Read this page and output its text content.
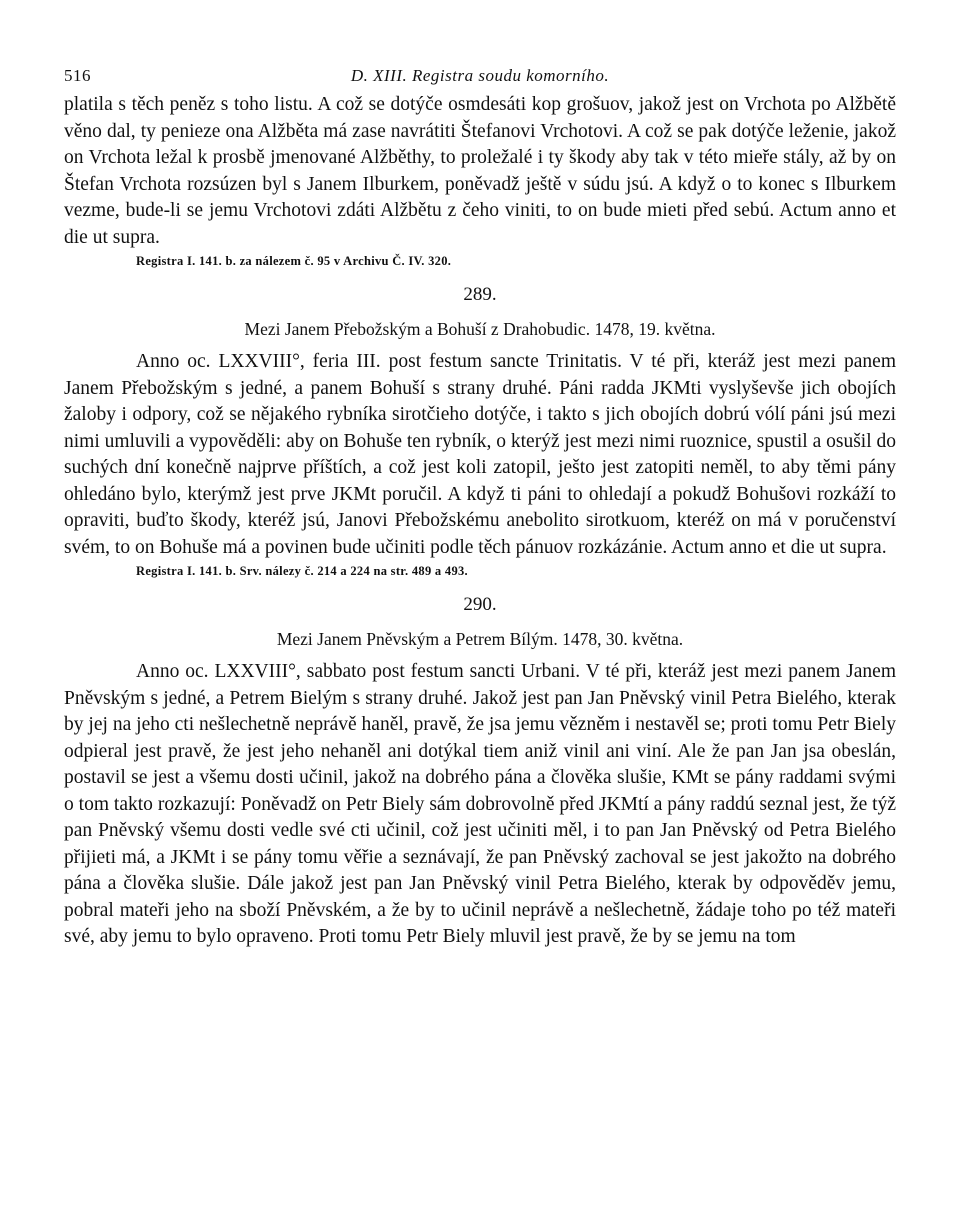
516	D. XIII. Registra soudu komorního.

platila s těch peněz s toho listu. A což se dotýče osmdesáti kop grošuov, jakož jest on Vrchota po Alžbětě věno dal, ty penieze ona Alžběta má zase navrátiti Štefanovi Vrchotovi. A což se pak dotýče leženie, jakož on Vrchota ležal k prosbě jmenované Alžběthy, to proležalé i ty škody aby tak v této mieře stály, až by on Štefan Vrchota rozsúzen byl s Janem Ilburkem, poněvadž ještě v súdu jsú. A když o to konec s Ilburkem vezme, bude-li se jemu Vrchotovi zdáti Alžbětu z čeho viniti, to on bude mieti před sebú. Actum anno et die ut supra.

Registra I. 141. b. za nálezem č. 95 v Archivu Č. IV. 320.
289.
Mezi Janem Přebožským a Bohuší z Drahobudic. 1478, 19. května.

Anno oc. LXXVIII°, feria III. post festum sancte Trinitatis. V té při, kteráž jest mezi panem Janem Přebožským s jedné, a panem Bohuší s strany druhé. Páni radda JKMti vyslyševše jich obojích žaloby i odpory, což se nějakého rybníka sirotčieho dotýče, i takto s jich obojích dobrú vólí páni jsú mezi nimi umluvili a vypověděli: aby on Bohuše ten rybník, o kterýž jest mezi nimi ruoznice, spustil a osušil do suchých dní konečně najprve příštích, a což jest koli zatopil, ješto jest zatopiti neměl, to aby těmi pány ohledáno bylo, kterýmž jest prve JKMt poručil. A když ti páni to ohledají a pokudž Bohušovi rozkáží to opraviti, buďto škody, kteréž jsú, Janovi Přebožskému anebolito sirotkuom, kteréž on má v poručenství svém, to on Bohuše má a povinen bude učiniti podle těch pánuov rozkázánie. Actum anno et die ut supra.

Registra I. 141. b. Srv. nálezy č. 214 a 224 na str. 489 a 493.
290.
Mezi Janem Pněvským a Petrem Bílým. 1478, 30. května.

Anno oc. LXXVIII°, sabbato post festum sancti Urbani. V té při, kteráž jest mezi panem Janem Pněvským s jedné, a Petrem Bielým s strany druhé. Jakož jest pan Jan Pněvský vinil Petra Bielého, kterak by jej na jeho cti nešlechetně neprávě haněl, pravě, že jsa jemu vězněm i nestavěl se; proti tomu Petr Biely odpieral jest pravě, že jest jeho nehaněl ani dotýkal tiem aniž vinil ani viní. Ale že pan Jan jsa obeslán, postavil se jest a všemu dosti učinil, jakož na dobrého pána a člověka slušie, KMt se pány raddami svými o tom takto rozkazují: Poněvadž on Petr Biely sám dobrovolně před JKMtí a pány raddú seznal jest, že týž pan Pněvský všemu dosti vedle své cti učinil, což jest učiniti měl, i to pan Jan Pněvský od Petra Bielého přijieti má, a JKMt i se pány tomu věřie a seznávají, že pan Pněvský zachoval se jest jakožto na dobrého pána a člověka slušie. Dále jakož jest pan Jan Pněvský vinil Petra Bielého, kterak by odpověděv jemu, pobral mateři jeho na sboží Pněvském, a že by to učinil neprávě a nešlechetně, žádaje toho po též mateři své, aby jemu to bylo opraveno. Proti tomu Petr Biely mluvil jest pravě, že by se jemu na tom
